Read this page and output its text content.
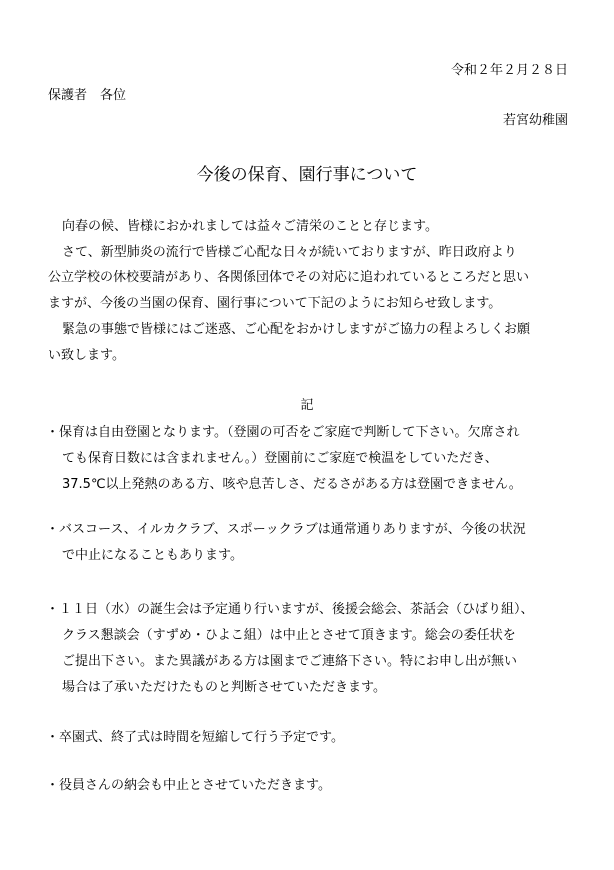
令和２年２月２８日
保護者　各位
若宮幼稚園
今後の保育、園行事について
向春の候、皆様におかれましては益々ご清栄のことと存じます。
さて、新型肺炎の流行で皆様ご心配な日々が続いておりますが、昨日政府より
公立学校の休校要請があり、各関係団体でその対応に追われているところだと思い
ますが、今後の当園の保育、園行事について下記のようにお知らせ致します。
緊急の事態で皆様にはご迷惑、ご心配をおかけしますがご協力の程よろしくお願
い致します。
記
・保育は自由登園となります。（登園の可否をご家庭で判断して下さい。欠席され
ても保育日数には含まれません。）登園前にご家庭で検温をしていただき、
37.5℃以上発熱のある方、咳や息苦しさ、だるさがある方は登園できません。
・バスコース、イルカクラブ、スポーックラブは通常通りありますが、今後の状況
で中止になることもあります。
・１１日（水）の誕生会は予定通り行いますが、後援会総会、茶話会（ひばり組）、
クラス懇談会（すずめ・ひよこ組）は中止とさせて頂きます。総会の委任状を
ご提出下さい。また異議がある方は園までご連絡下さい。特にお申し出が無い
場合は了承いただけたものと判断させていただきます。
・卒園式、終了式は時間を短縮して行う予定です。
・役員さんの納会も中止とさせていただきます。
